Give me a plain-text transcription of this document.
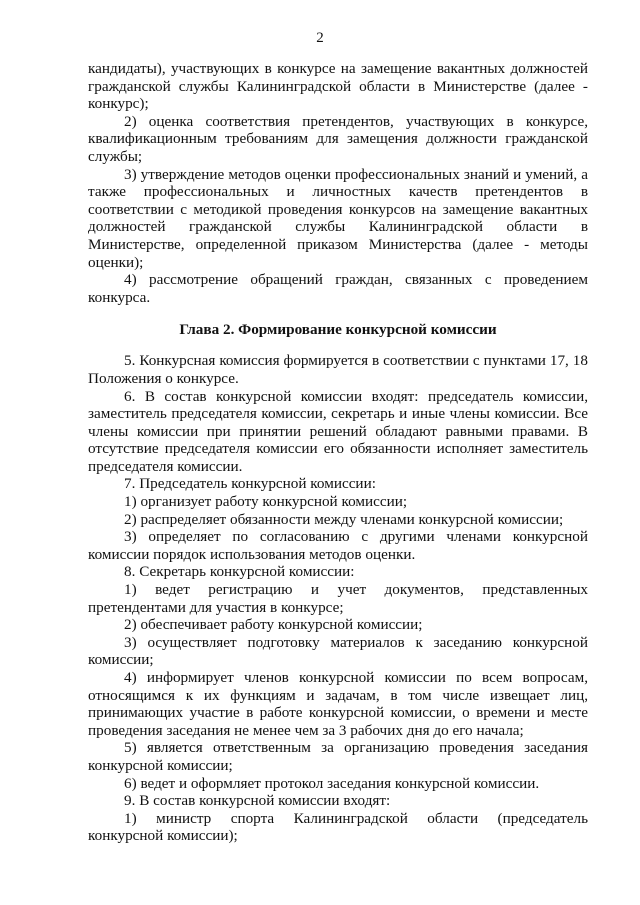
2

кандидаты), участвующих в конкурсе на замещение вакантных должностей гражданской службы Калининградской области в Министерстве (далее - конкурс);

2) оценка соответствия претендентов, участвующих в конкурсе, квалификационным требованиям для замещения должности гражданской службы;

3) утверждение методов оценки профессиональных знаний и умений, а также профессиональных и личностных качеств претендентов в соответствии с методикой проведения конкурсов на замещение вакантных должностей гражданской службы Калининградской области в Министерстве, определенной приказом Министерства (далее - методы оценки);

4) рассмотрение обращений граждан, связанных с проведением конкурса.

Глава 2. Формирование конкурсной комиссии

5. Конкурсная комиссия формируется в соответствии с пунктами 17, 18 Положения о конкурсе.

6. В состав конкурсной комиссии входят: председатель комиссии, заместитель председателя комиссии, секретарь и иные члены комиссии. Все члены комиссии при принятии решений обладают равными правами. В отсутствие председателя комиссии его обязанности исполняет заместитель председателя комиссии.

7. Председатель конкурсной комиссии:

1) организует работу конкурсной комиссии;

2) распределяет обязанности между членами конкурсной комиссии;

3) определяет по согласованию с другими членами конкурсной комиссии порядок использования методов оценки.

8. Секретарь конкурсной комиссии:

1) ведет регистрацию и учет документов, представленных претендентами для участия в конкурсе;

2) обеспечивает работу конкурсной комиссии;

3) осуществляет подготовку материалов к заседанию конкурсной комиссии;

4) информирует членов конкурсной комиссии по всем вопросам, относящимся к их функциям и задачам, в том числе извещает лиц, принимающих участие в работе конкурсной комиссии, о времени и месте проведения заседания не менее чем за 3 рабочих дня до его начала;

5) является ответственным за организацию проведения заседания конкурсной комиссии;

6) ведет и оформляет протокол заседания конкурсной комиссии.

9. В состав конкурсной комиссии входят:

1) министр спорта Калининградской области (председатель конкурсной комиссии);
